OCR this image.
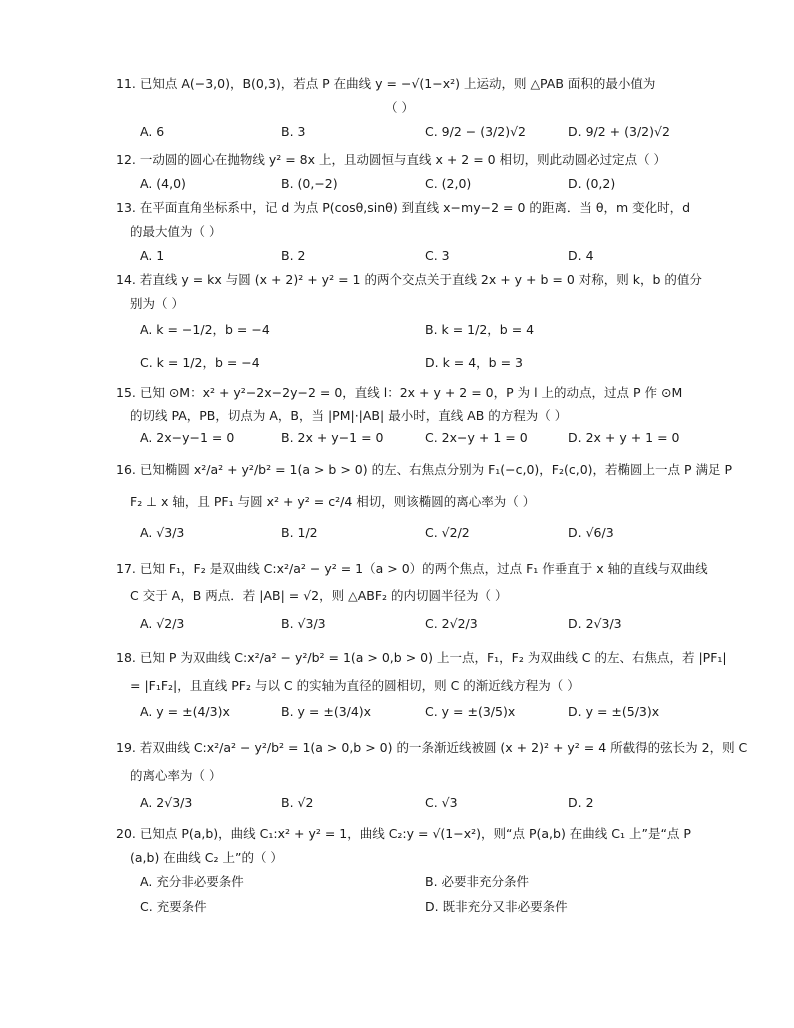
11. 已知点 A(−3,0)，B(0,3)，若点 P 在曲线 y = −√(1−x²) 上运动，则 △PAB 面积的最小值为
（ ）
A. 6	B. 3	C. 9/2 − (3/2)√2	D. 9/2 + (3/2)√2
12. 一动圆的圆心在抛物线 y² = 8x 上，且动圆恒与直线 x + 2 = 0 相切，则此动圆必过定点（ ）
A. (4,0)	B. (0,−2)	C. (2,0)	D. (0,2)
13. 在平面直角坐标系中，记 d 为点 P(cosθ,sinθ) 到直线 x−my−2 = 0 的距离．当 θ，m 变化时，d
的最大值为（ ）
A. 1	B. 2	C. 3	D. 4
14. 若直线 y = kx 与圆 (x + 2)² + y² = 1 的两个交点关于直线 2x + y + b = 0 对称，则 k，b 的值分
别为（ ）
A. k = −1/2，b = −4	B. k = 1/2，b = 4
C. k = 1/2，b = −4	D. k = 4，b = 3
15. 已知 ⊙M：x² + y²−2x−2y−2 = 0，直线 l：2x + y + 2 = 0，P 为 l 上的动点，过点 P 作 ⊙M
的切线 PA，PB，切点为 A，B，当 |PM|·|AB| 最小时，直线 AB 的方程为（ ）
A. 2x−y−1 = 0	B. 2x + y−1 = 0	C. 2x−y + 1 = 0	D. 2x + y + 1 = 0
16. 已知椭圆 x²/a² + y²/b² = 1(a > b > 0) 的左、右焦点分别为 F₁(−c,0)，F₂(c,0)，若椭圆上一点 P 满足 P
F₂ ⊥ x 轴，且 PF₁ 与圆 x² + y² = c²/4 相切，则该椭圆的离心率为（ ）
A. √3/3	B. 1/2	C. √2/2	D. √6/3
17. 已知 F₁，F₂ 是双曲线 C:x²/a² − y² = 1（a > 0）的两个焦点，过点 F₁ 作垂直于 x 轴的直线与双曲线
C 交于 A，B 两点．若 |AB| = √2，则 △ABF₂ 的内切圆半径为（ ）
A. √2/3	B. √3/3	C. 2√2/3	D. 2√3/3
18. 已知 P 为双曲线 C:x²/a² − y²/b² = 1(a > 0,b > 0) 上一点，F₁，F₂ 为双曲线 C 的左、右焦点，若 |PF₁|
= |F₁F₂|，且直线 PF₂ 与以 C 的实轴为直径的圆相切，则 C 的渐近线方程为（ ）
A. y = ±(4/3)x	B. y = ±(3/4)x	C. y = ±(3/5)x	D. y = ±(5/3)x
19. 若双曲线 C:x²/a² − y²/b² = 1(a > 0,b > 0) 的一条渐近线被圆 (x + 2)² + y² = 4 所截得的弦长为 2，则 C
的离心率为（ ）
A. 2√3/3	B. √2	C. √3	D. 2
20. 已知点 P(a,b)，曲线 C₁:x² + y² = 1，曲线 C₂:y = √(1−x²)，则“点 P(a,b) 在曲线 C₁ 上”是“点 P
(a,b) 在曲线 C₂ 上”的（ ）
A. 充分非必要条件	B. 必要非充分条件
C. 充要条件	D. 既非充分又非必要条件
